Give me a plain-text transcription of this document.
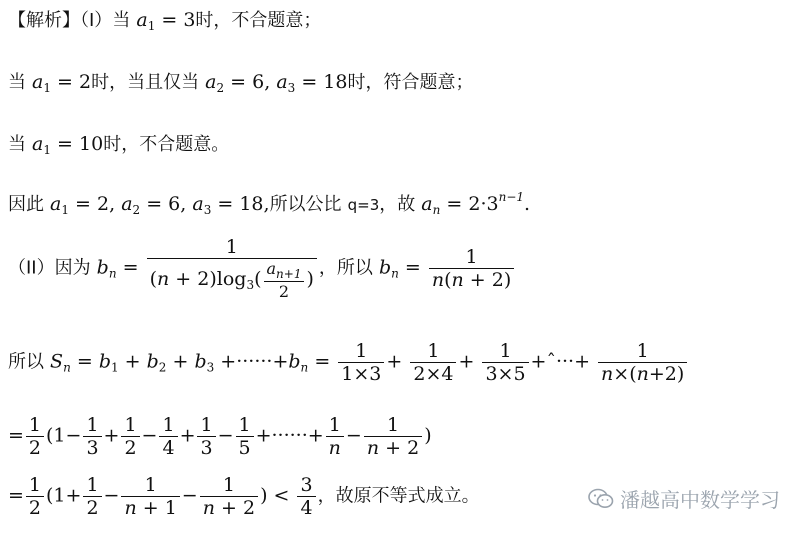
【解析】（I）当 $a_1 = 3$时，不合题意；
当 $a_1 = 2$时，当且仅当 $a_2 = 6$, $a_3 = 18$时，符合题意；
当 $a_1 = 10$时，不合题意。
因此 $a_1 = 2$, $a_2 = 6$, $a_3 = 18$,所以公比 q=3，故 $a_n = 2\cdot 3^{n-1}$.
（II）因为 $b_n = \frac{1}{(n + 2)\log_3( \frac{a_{n+1}}{2} )}$ ，所以 $b_n = \frac{1}{n(n + 2)}$
所以 $S_n = b_1 + b_2 + b_3 +\cdot\cdot\cdot\cdot\cdot\cdot+b_n = \frac{1}{1\times 3} + \frac{1}{2\times 4} + \frac{1}{3\times 5}$ +ˆ···+ $\frac{1}{n\times(n+2)}$
= $\frac{1}{2} (1- \frac{1}{3} + \frac{1}{2} - \frac{1}{4} + \frac{1}{3} - \frac{1}{5}$ +······+ $\frac{1}{n} - \frac{1}{n + 2}$ )
= $\frac{1}{2} (1+ \frac{1}{2} - \frac{1}{n + 1} - \frac{1}{n + 2}$ ) < $\frac{3}{4}$ ，故原不等式成立。	潘越高中数学学习
